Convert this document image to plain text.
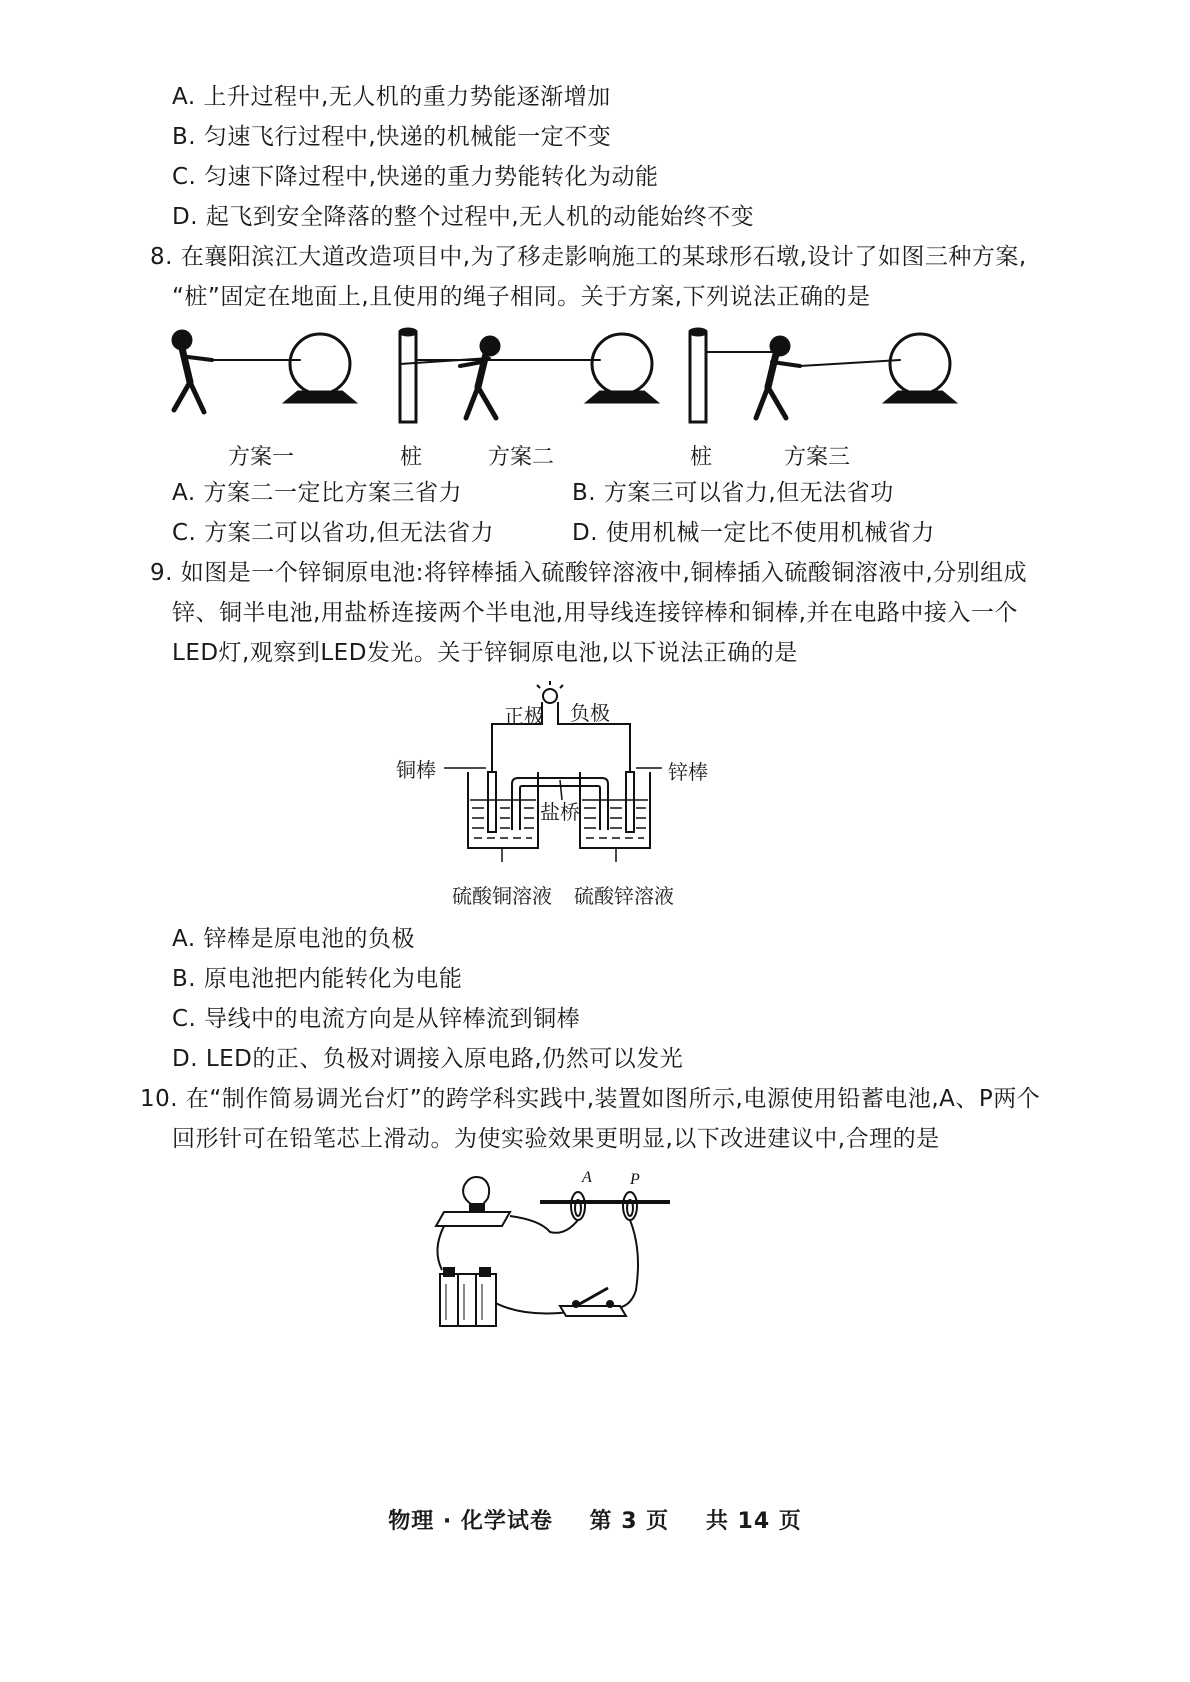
A. 上升过程中,无人机的重力势能逐渐增加
B. 匀速飞行过程中,快递的机械能一定不变
C. 匀速下降过程中,快递的重力势能转化为动能
D. 起飞到安全降落的整个过程中,无人机的动能始终不变
8. 在襄阳滨江大道改造项目中,为了移走影响施工的某球形石墩,设计了如图三种方案,
“桩”固定在地面上,且使用的绳子相同。关于方案,下列说法正确的是
方案一	桩	方案二	桩	方案三
A. 方案二一定比方案三省力	B. 方案三可以省力,但无法省功
C. 方案二可以省功,但无法省力	D. 使用机械一定比不使用机械省力
9. 如图是一个锌铜原电池:将锌棒插入硫酸锌溶液中,铜棒插入硫酸铜溶液中,分别组成
锌、铜半电池,用盐桥连接两个半电池,用导线连接锌棒和铜棒,并在电路中接入一个
LED灯,观察到LED发光。关于锌铜原电池,以下说法正确的是
正极 负极
铜棒	锌棒
盐桥
硫酸铜溶液 硫酸锌溶液
A. 锌棒是原电池的负极
B. 原电池把内能转化为电能
C. 导线中的电流方向是从锌棒流到铜棒
D. LED的正、负极对调接入原电路,仍然可以发光
10. 在“制作简易调光台灯”的跨学科实践中,装置如图所示,电源使用铅蓄电池,A、P两个
回形针可在铅笔芯上滑动。为使实验效果更明显,以下改进建议中,合理的是
A P
物理 · 化学试卷 第 3 页 共 14 页
